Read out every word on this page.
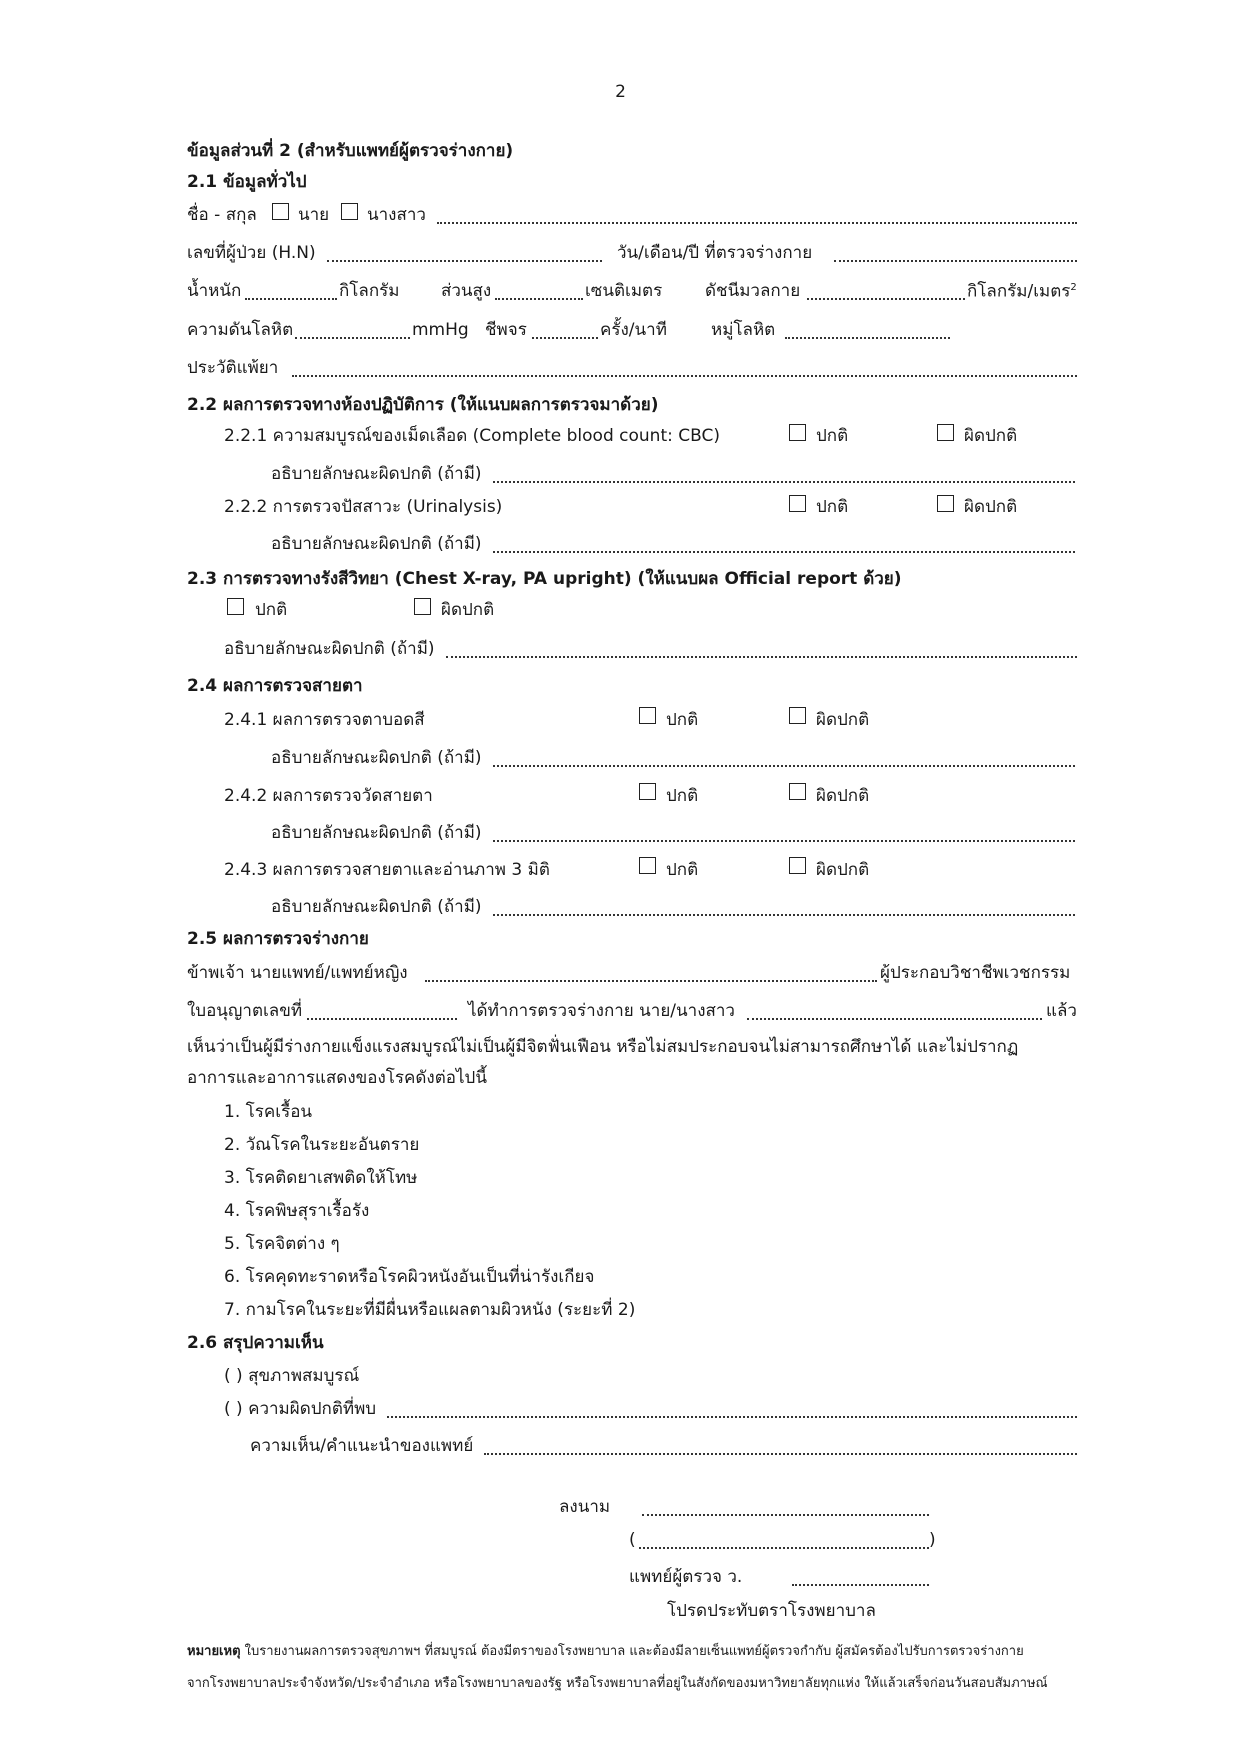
2
ข้อมูลส่วนที่ 2 (สำหรับแพทย์ผู้ตรวจร่างกาย)
2.1 ข้อมูลทั่วไป
ชื่อ - สกุล นาย นางสาว
เลขที่ผู้ป่วย (H.N)	วัน/เดือน/ปี ที่ตรวจร่างกาย
น้ำหนัก	กิโลกรัม ส่วนสูง	เซนติเมตร	ดัชนีมวลกาย	กิโลกรัม/เมตร$^2$
ความดันโลหิต	mmHg ชีพจร	ครั้ง/นาที	หมู่โลหิต
ประวัติแพ้ยา
2.2 ผลการตรวจทางห้องปฏิบัติการ (ให้แนบผลการตรวจมาด้วย)
2.2.1 ความสมบูรณ์ของเม็ดเลือด (Complete blood count: CBC)	ปกติ	ผิดปกติ
อธิบายลักษณะผิดปกติ (ถ้ามี)
2.2.2 การตรวจปัสสาวะ (Urinalysis)	ปกติ	ผิดปกติ
อธิบายลักษณะผิดปกติ (ถ้ามี)
2.3 การตรวจทางรังสีวิทยา (Chest X-ray, PA upright) (ให้แนบผล Official report ด้วย)
ปกติ	ผิดปกติ
อธิบายลักษณะผิดปกติ (ถ้ามี)
2.4 ผลการตรวจสายตา
2.4.1 ผลการตรวจตาบอดสี	ปกติ	ผิดปกติ
อธิบายลักษณะผิดปกติ (ถ้ามี)
2.4.2 ผลการตรวจวัดสายตา	ปกติ	ผิดปกติ
อธิบายลักษณะผิดปกติ (ถ้ามี)
2.4.3 ผลการตรวจสายตาและอ่านภาพ 3 มิติ	ปกติ	ผิดปกติ
อธิบายลักษณะผิดปกติ (ถ้ามี)
2.5 ผลการตรวจร่างกาย
ข้าพเจ้า นายแพทย์/แพทย์หญิง	ผู้ประกอบวิชาชีพเวชกรรม
ใบอนุญาตเลขที่	ได้ทำการตรวจร่างกาย นาย/นางสาว	แล้ว
เห็นว่าเป็นผู้มีร่างกายแข็งแรงสมบูรณ์ไม่เป็นผู้มีจิตฟั่นเฟือน หรือไม่สมประกอบจนไม่สามารถศึกษาได้ และไม่ปรากฏ
อาการและอาการแสดงของโรคดังต่อไปนี้
1. โรคเรื้อน
2. วัณโรคในระยะอันตราย
3. โรคติดยาเสพติดให้โทษ
4. โรคพิษสุราเรื้อรัง
5. โรคจิตต่าง ๆ
6. โรคคุดทะราดหรือโรคผิวหนังอันเป็นที่น่ารังเกียจ
7. กามโรคในระยะที่มีผื่นหรือแผลตามผิวหนัง (ระยะที่ 2)
2.6 สรุปความเห็น
( ) สุขภาพสมบูรณ์
( ) ความผิดปกติที่พบ
ความเห็น/คำแนะนำของแพทย์
ลงนาม
(	)
แพทย์ผู้ตรวจ ว.
โปรดประทับตราโรงพยาบาล
หมายเหตุ ใบรายงานผลการตรวจสุขภาพฯ ที่สมบูรณ์ ต้องมีตราของโรงพยาบาล และต้องมีลายเซ็นแพทย์ผู้ตรวจกำกับ ผู้สมัครต้องไปรับการตรวจร่างกาย
จากโรงพยาบาลประจำจังหวัด/ประจำอำเภอ หรือโรงพยาบาลของรัฐ หรือโรงพยาบาลที่อยู่ในสังกัดของมหาวิทยาลัยทุกแห่ง ให้แล้วเสร็จก่อนวันสอบสัมภาษณ์
